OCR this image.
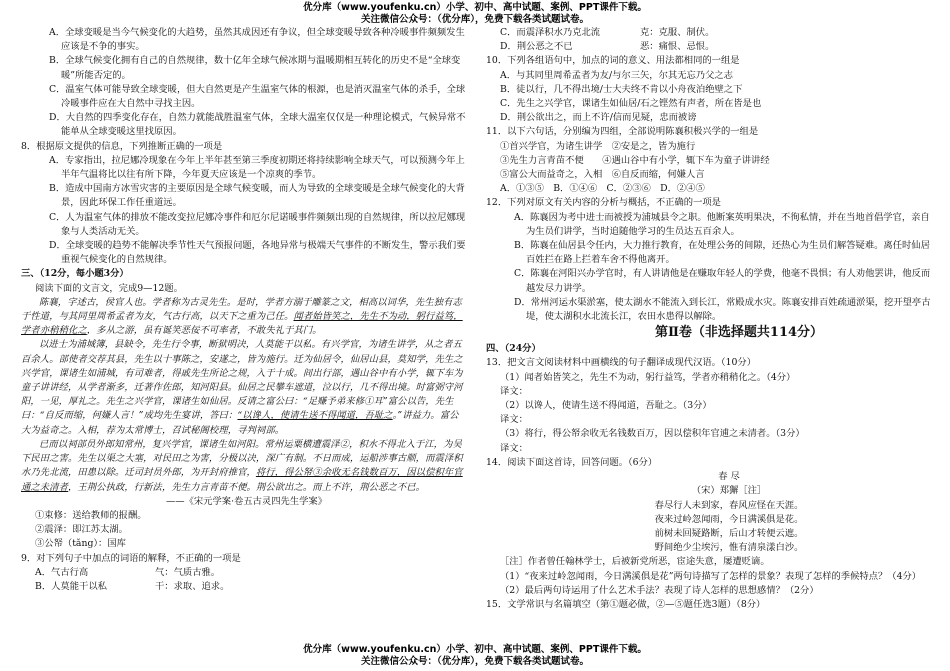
优分库（www.youfenku.cn）小学、初中、高中试题、案例、PPT课件下载。
关注微信公众号：（优分库），免费下载各类试题试卷。
A．全球变暖是当今气候变化的大趋势，虽然其成因还有争议，但全球变暖导致各种冷暖事件频频发生应该是不争的事实。
B．全球气候变化拥有自己的自然规律，数十亿年全球气候冰期与温暖期相互转化的历史不是“全球变暖”所能否定的。
C．温室气体可能导致全球变暖，但大自然更是产生温室气体的根源，也是消灭温室气体的杀手，全球冷暖事件应在大自然中寻找主因。
D．大自然的四季变化存在，自然力就能战胜温室气体，全球大温室仅仅是一种理论模式，气候异常不能单从全球变暖这里找原因。
8．根据原文提供的信息，下列推断正确的一项是
A．专家指出，拉尼娜冷现象在今年上半年甚至第三季度初期还将持续影响全球天气，可以预测今年上半年气温将比以往有所下降，今年夏天应该是一个凉爽的季节。
B．造成中国南方冰雪灾害的主要原因是全球气候变暖，而人为导致的全球变暖是全球气候变化的大背景，因此环保工作任重道远。
C．人为温室气体的排放不能改变拉尼娜冷事件和厄尔尼诺暖事件频频出现的自然规律，所以拉尼娜现象与人类活动无关。
D．全球变暖的趋势不能解决季节性天气预报问题，各地异常与极端天气事件的不断发生，警示我们要重视气候变化的自然规律。
三、（12分，每小题3分）
阅读下面的文言文，完成9—12题。
陈襄，字述古，侯官人也。学者称为古灵先生。是时，学者方溺于雕篆之文，相高以词华，先生独有志于性道，与其同里周希孟者为友，气古行高，以天下之重为己任。闻者始皆笑之，先生不为动，躬行益笃，学者亦稍稍化之，多从之游，虽有诞笑恶佞不可率者，不敢失礼于其门。
以进士为浦城簿，县缺令，先生行令事，断狱明决，人莫能干以私。有兴学官，为诸生讲学，从之者五百余人。部使者交荐其县，先生以十事陈之，安遂之，皆为施行。迁为仙居令，仙居山县，莫知学，先生之兴学官，课诸生如浦城，有司难者，得戚先生所论之规，入于十成。间出行部，遇山谷中有小学，辄下车为童子讲讲经，从学者渐多，迁著作佐郎，知河阳县。仙居之民攀车遮道，泣以行，几不得出境。时富弼守河阳，一见，厚礼之。先生之兴学官，课诸生如仙居。反请之富公曰：“足赚予弟来修①耳”富公以告，先生曰：“自反而缩，何嫌人言！”成均先生宴讲，答曰：“以谗人，使请生送不得闻道，吾耻之。”讲益力。富公大为益奇之。入相，荐为太常博士，召试秘阁校理，寻判祠部。
已而以祠部员外郎知常州，复兴学官，课诸生如河阳。常州运粟横遭震泽②，积水不得北入于江，为吴下民田之害。先生以渠之大塞，对民田之为害，分极以决，深广有制。不日而成，运船涉事古顺，而震泽积水乃先北流，田患以除。迁司封员外郎，为开封府推官，将行，得公帑③余收无名钱数百万，因以偿积年官通之未清者，王荆公执政，行新法，先生力言青苗不便。荆公欲出之。而上不许，荆公恶之不已。
——《宋元学案·卷五古灵四先生学案》
①束修：送给教师的报酬。
②震泽：即江苏太湖。
③公帑（tǎng）：国库
9．对下列句子中加点的词语的解释，不正确的一项是
A．气古行高	气：气质古雅。
B．人莫能干以私	干：求取、追求。
C．而震泽积水乃克北流	克：克服、制伏。
D．荆公恶之不已	恶：痛恨、忌恨。
10．下列各组语句中，加点的词的意义、用法都相同的一组是
A．与其同里周希孟者为友/与尔三矢，尔其无忘乃父之志
B．徒以行，几不得出境/士大夫终不肯以小舟夜泊绝壁之下
C．先生之兴学官，课诸生如仙居/石之铿然有声者，所在皆是也
D．荆公欲出之，而上不许/信而见疑，忠而被谤
11．以下六句话，分别编为四组，全部说明陈襄积极兴学的一组是
①首兴学官，为诸生讲学　②安是之，皆为施行
③先生力言青苗不便　　④遇山谷中有小学，辄下车为童子讲讲经
⑤富公大而益奇之，入相　⑥自反而缩，何嫌人言
A．①③⑤　B．①④⑥　C．②③⑥　D．②④⑤
12．下列对原文有关内容的分析与概括，不正确的一项是
A．陈襄因为考中进士而被授为浦城县令之职。他断案英明果决，不徇私情，并在当地首倡学官，亲自为生员们讲学，当时追随他学习的生员达五百余人。
B．陈襄在仙居县令任内，大力推行教育，在处理公务的间隙，还热心为生员们解答疑难。离任时仙居百姓拦在路上拦着车舍不得他离开。
C．陈襄在河阳兴办学官时，有人讲请他是在赚取年轻人的学费，他毫不畏惧；有人劝他罢讲，他反而越发尽力讲学。
D．常州河运水渠淤塞，使太湖水不能流入到长江，常殿成水灾。陈襄安排百姓疏通淤渠，挖开望亭古堤，使太湖积水北流长江，农田水患得以解除。
第Ⅱ卷（非选择题共114分）
四、（24分）
13．把文言文阅读材料中画横线的句子翻译成现代汉语。（10分）
（1）闻者始皆笑之，先生不为动，躬行益笃，学者亦稍稍化之。（4分）
译文：
（2）以谗人，使请生送不得闻道，吾耻之。（3分）
译文：
（3）将行，得公帑余收无名钱数百万，因以偿积年官逋之未清者。（3分）
译文：
14．阅读下面这首诗，回答问题。（6分）
春 尽
（宋）郑獬［注］
春尽行人未到家，春风应怪在天涯。
夜来过岭忽闻雨，今日满溪俱是花。
前树未回疑路断，后山才转便云遮。
野间绝少尘埃污，惟有清泉漾白沙。
［注］作者曾任翰林学士，后被新党所恶，宦途失意，屡遭贬谪。
（1）“夜来过岭忽闻雨，今日满溪俱是花”两句诗描写了怎样的景象？表现了怎样的季候特点？（4分）
（2）最后两句诗运用了什么艺术手法？表现了诗人怎样的思想感情？（2分）
15．文学常识与名篇填空（第①题必做，②—⑤题任选3题）（8分）
优分库（www.youfenku.cn）小学、初中、高中试题、案例、PPT课件下载。
关注微信公众号：（优分库），免费下载各类试题试卷。
